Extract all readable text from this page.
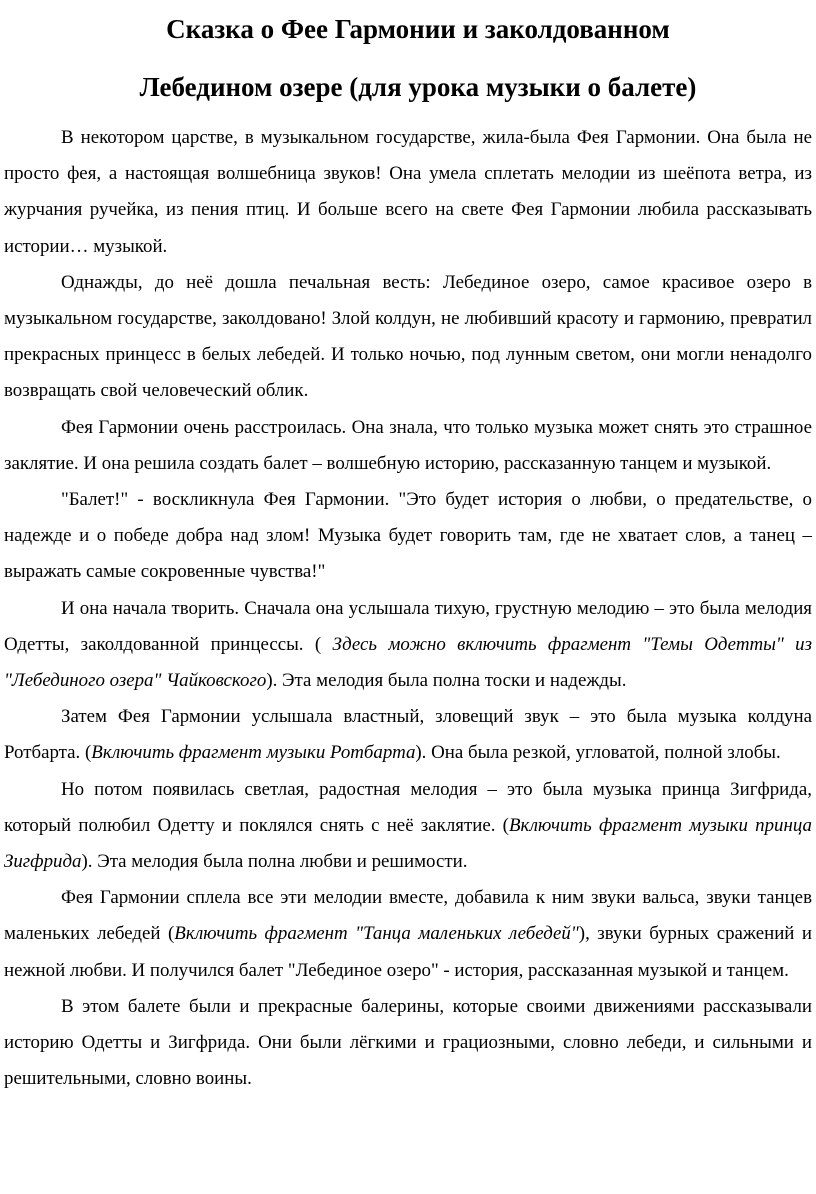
Сказка о Фее Гармонии и заколдованном
Лебедином озере (для урока музыки о балете)

В некотором царстве, в музыкальном государстве, жила-была Фея Гармонии. Она была не просто фея, а настоящая волшебница звуков! Она умела сплетать мелодии из шеёпота ветра, из журчания ручейка, из пения птиц. И больше всего на свете Фея Гармонии любила рассказывать истории… музыкой.

Однажды, до неё дошла печальная весть: Лебединое озеро, самое красивое озеро в музыкальном государстве, заколдовано! Злой колдун, не любивший красоту и гармонию, превратил прекрасных принцесс в белых лебедей. И только ночью, под лунным светом, они могли ненадолго возвращать свой человеческий облик.

Фея Гармонии очень расстроилась. Она знала, что только музыка может снять это страшное заклятие. И она решила создать балет – волшебную историю, рассказанную танцем и музыкой.

"Балет!" - воскликнула Фея Гармонии. "Это будет история о любви, о предательстве, о надежде и о победе добра над злом! Музыка будет говорить там, где не хватает слов, а танец – выражать самые сокровенные чувства!"

И она начала творить. Сначала она услышала тихую, грустную мелодию – это была мелодия Одетты, заколдованной принцессы. ( Здесь можно включить фрагмент "Темы Одетты" из "Лебединого озера" Чайковского). Эта мелодия была полна тоски и надежды.

Затем Фея Гармонии услышала властный, зловещий звук – это была музыка колдуна Ротбарта. (Включить фрагмент музыки Ротбарта). Она была резкой, угловатой, полной злобы.

Но потом появилась светлая, радостная мелодия – это была музыка принца Зигфрида, который полюбил Одетту и поклялся снять с неё заклятие. (Включить фрагмент музыки принца Зигфрида). Эта мелодия была полна любви и решимости.

Фея Гармонии сплела все эти мелодии вместе, добавила к ним звуки вальса, звуки танцев маленьких лебедей (Включить фрагмент "Танца маленьких лебедей"), звуки бурных сражений и нежной любви. И получился балет "Лебединое озеро" - история, рассказанная музыкой и танцем.

В этом балете были и прекрасные балерины, которые своими движениями рассказывали историю Одетты и Зигфрида. Они были лёгкими и грациозными, словно лебеди, и сильными и решительными, словно воины.
